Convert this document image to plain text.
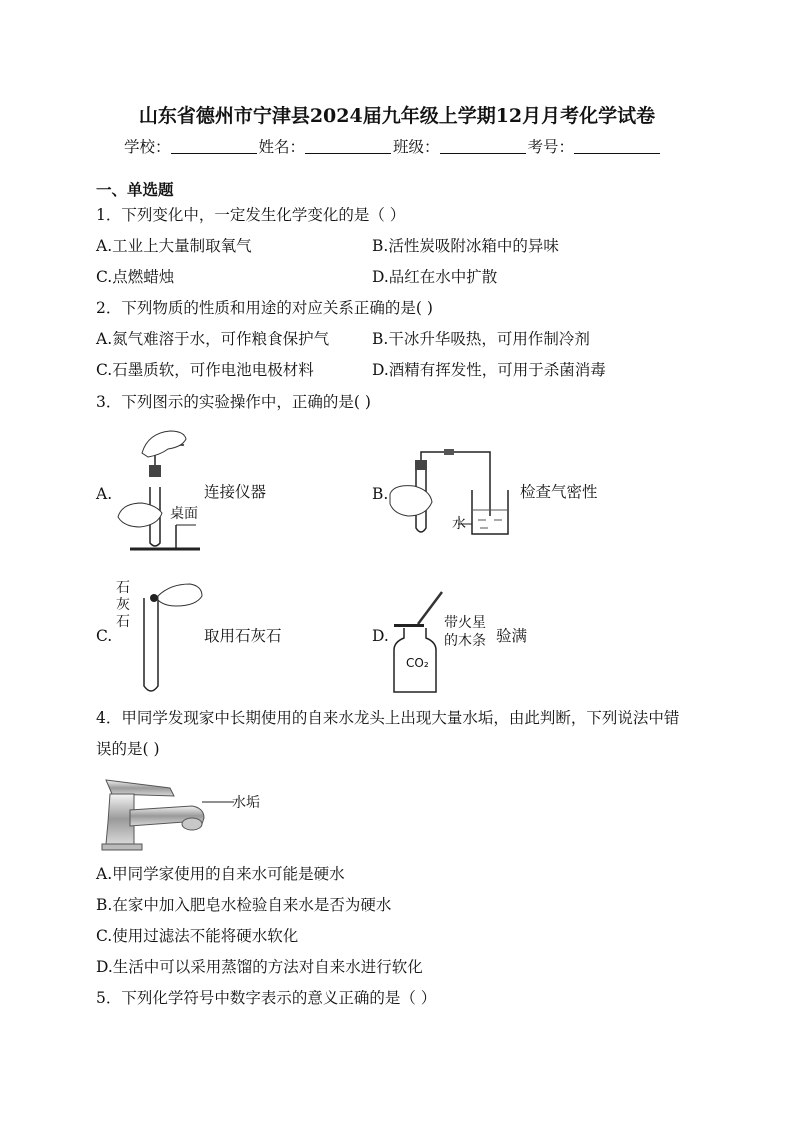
山东省德州市宁津县2024届九年级上学期12月月考化学试卷
学校：	姓名：	班级：	考号：
一、单选题
1．下列变化中，一定发生化学变化的是（ ）
A.工业上大量制取氧气	B.活性炭吸附冰箱中的异味
C.点燃蜡烛	D.品红在水中扩散
2．下列物质的性质和用途的对应关系正确的是( )
A.氮气难溶于水，可作粮食保护气	B.干冰升华吸热，可用作制冷剂
C.石墨质软，可作电池电极材料	D.酒精有挥发性，可用于杀菌消毒
3．下列图示的实验操作中，正确的是( )
A.
桌面
连接仪器	B.
水
检查气密性
C.
石灰石
取用石灰石	D.
CO₂
带火星
的木条 验满
4．甲同学发现家中长期使用的自来水龙头上出现大量水垢，由此判断，下列说法中错
误的是( )
水垢
A.甲同学家使用的自来水可能是硬水
B.在家中加入肥皂水检验自来水是否为硬水
C.使用过滤法不能将硬水软化
D.生活中可以采用蒸馏的方法对自来水进行软化
5．下列化学符号中数字表示的意义正确的是（ ）
